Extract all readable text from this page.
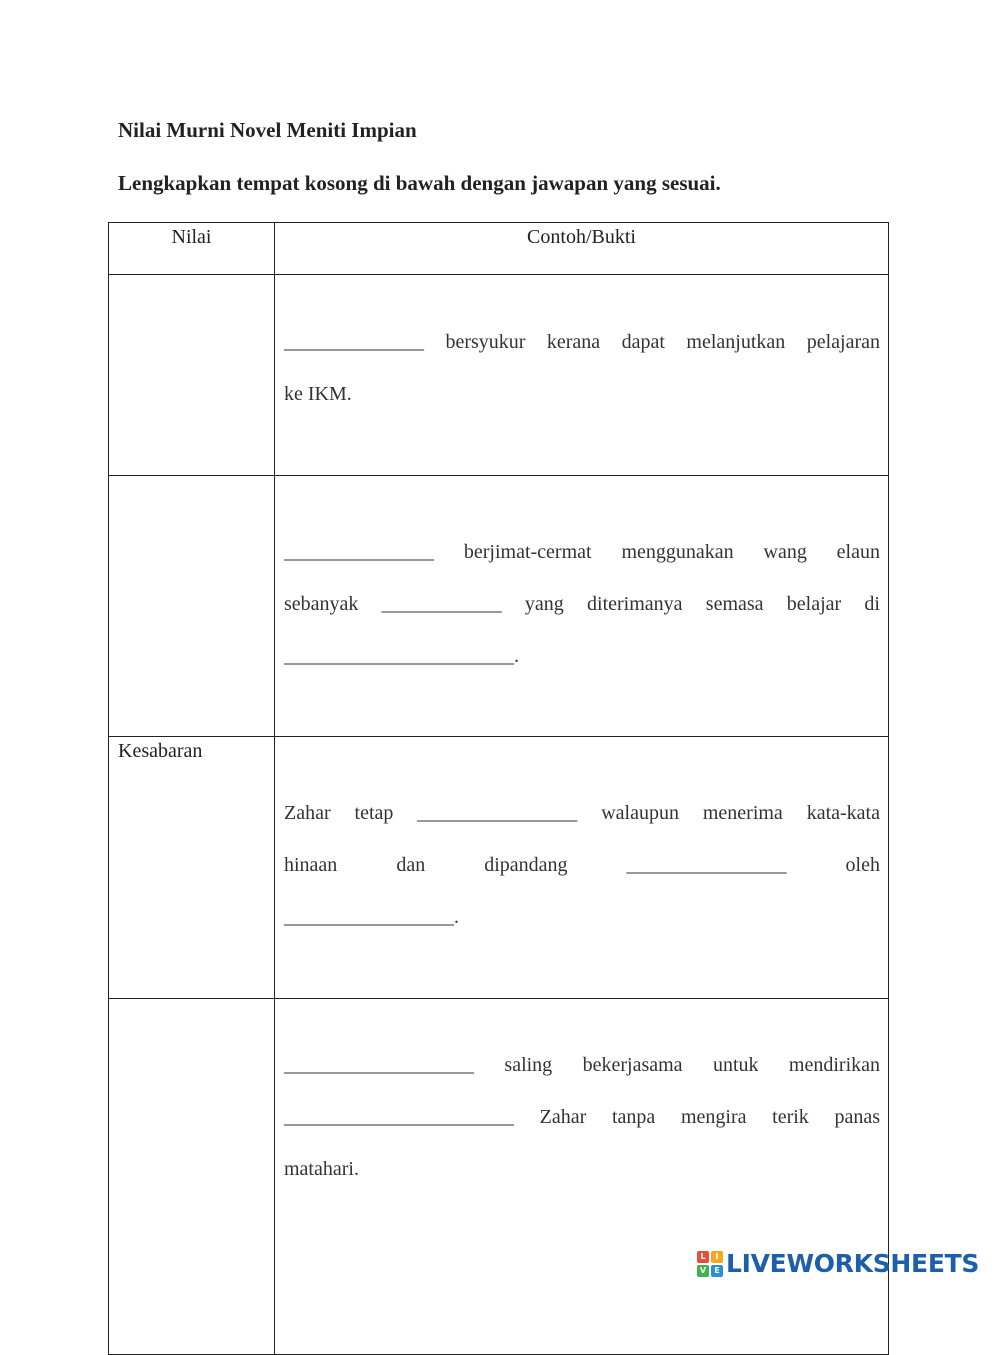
Nilai Murni Novel Meniti Impian

Lengkapkan tempat kosong di bawah dengan jawapan yang sesuai.

Nilai	Contoh/Bukti

	______________ bersyukur kerana dapat melanjutkan pelajaran

ke IKM.

	_______________ berjimat-cermat menggunakan wang elaun

sebanyak ____________ yang diterimanya semasa belajar di

_______________________.

Kesabaran	Zahar tetap ________________ walaupun menerima kata-kata

hinaan dan dipandang ________________ oleh

_________________.

	___________________ saling bekerjasama untuk mendirikan

_______________________ Zahar tanpa mengira terik panas

matahari.

L	I
V	E LIVEWORKSHEETS
